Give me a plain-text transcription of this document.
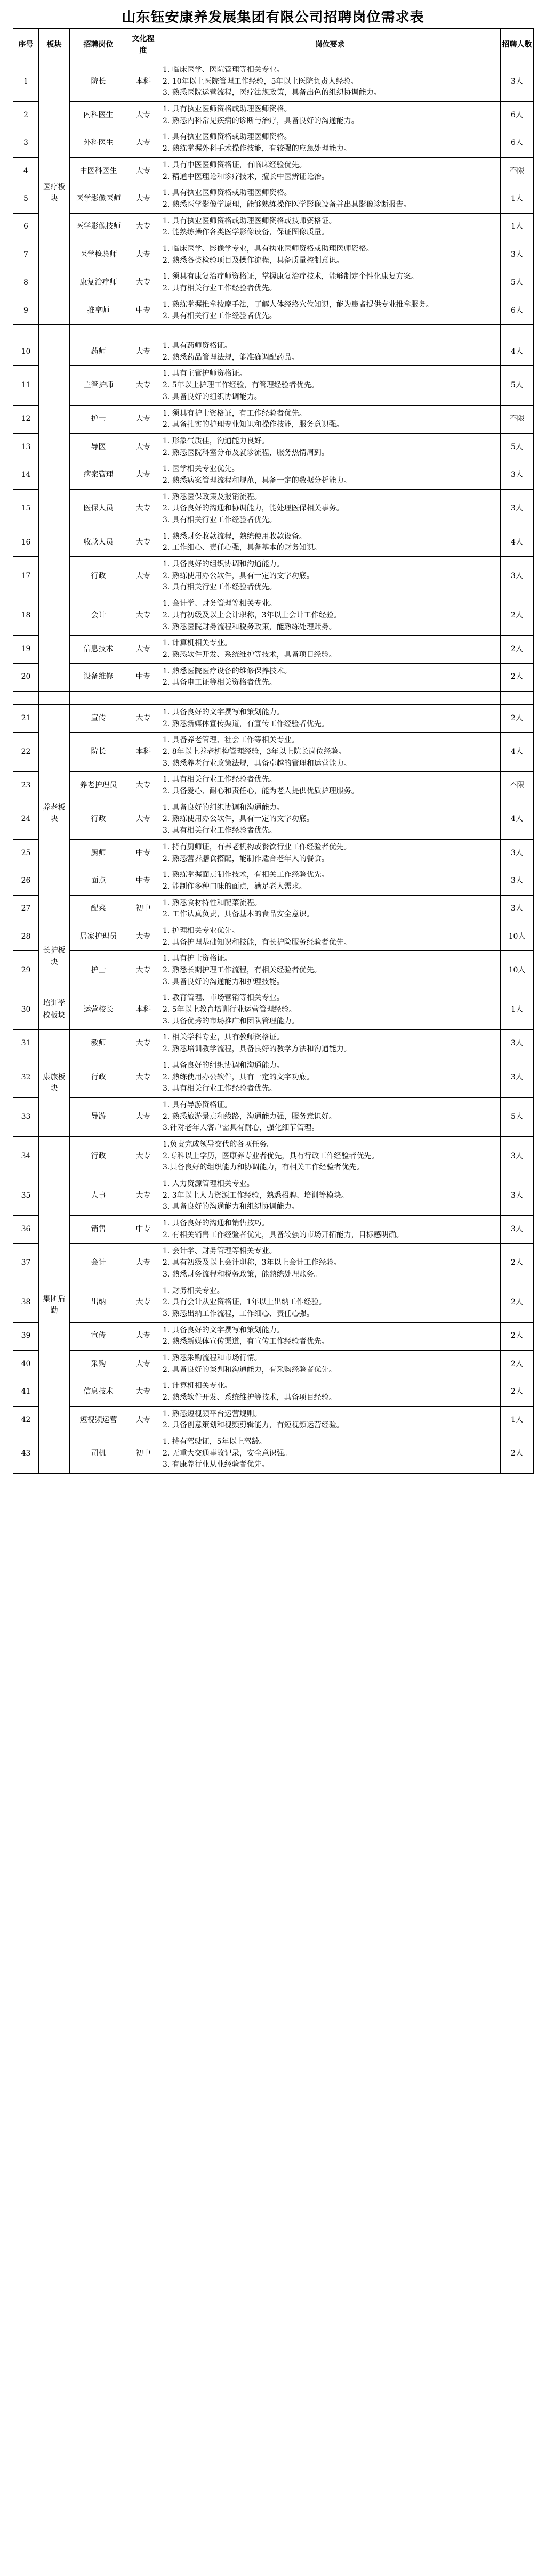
山东钰安康养发展集团有限公司招聘岗位需求表
序号	板块	招聘岗位	文化程度	岗位要求	招聘人数
1	医疗板块	院长	本科	1. 临床医学、医院管理等相关专业。
2. 10年以上医院管理工作经验，5年以上医院负责人经验。
3. 熟悉医院运营流程，医疗法规政策，具备出色的组织协调能力。	3人
2		内科医生	大专	1. 具有执业医师资格或助理医师资格。
2. 熟悉内科常见疾病的诊断与治疗，具备良好的沟通能力。	6人
3		外科医生	大专	1. 具有执业医师资格或助理医师资格。
2. 熟练掌握外科手术操作技能，有较强的应急处理能力。	6人
4		中医科医生	大专	1. 具有中医医师资格证，有临床经验优先。
2. 精通中医理论和诊疗技术，擅长中医辨证论治。	不限
5		医学影像医师	大专	1. 具有执业医师资格或助理医师资格。
2. 熟悉医学影像学原理，能够熟练操作医学影像设备并出具影像诊断报告。	1人
6		医学影像技师	大专	1. 具有执业医师资格或助理医师资格或技师资格证。
2. 能熟练操作各类医学影像设备，保证图像质量。	1人
7		医学检验师	大专	1. 临床医学、影像学专业，具有执业医师资格或助理医师资格。
2. 熟悉各类检验项目及操作流程，具备质量控制意识。	3人
8		康复治疗师	大专	1. 须具有康复治疗师资格证，掌握康复治疗技术，能够制定个性化康复方案。
2. 具有相关行业工作经验者优先。	5人
9		推拿师	中专	1. 熟练掌握推拿按摩手法，了解人体经络穴位知识，能为患者提供专业推拿服务。
2. 具有相关行业工作经验者优先。	6人

10		药师	大专	1. 具有药师资格证。
2. 熟悉药品管理法规，能准确调配药品。	4人
11		主管护师	大专	1. 具有主管护师资格证。
2. 5年以上护理工作经验，有管理经验者优先。
3. 具备良好的组织协调能力。	5人
12		护士	大专	1. 须具有护士资格证，有工作经验者优先。
2. 具备扎实的护理专业知识和操作技能，服务意识强。	不限
13		导医	大专	1. 形象气质佳，沟通能力良好。
2. 熟悉医院科室分布及就诊流程，服务热情周到。	5人
14		病案管理	大专	1. 医学相关专业优先。
2. 熟悉病案管理流程和规范，具备一定的数据分析能力。	3人
15		医保人员	大专	1. 熟悉医保政策及报销流程。
2. 具备良好的沟通和协调能力，能处理医保相关事务。
3. 具有相关行业工作经验者优先。	3人
16		收款人员	大专	1. 熟悉财务收款流程，熟练使用收款设备。
2. 工作细心、责任心强，具备基本的财务知识。	4人
17		行政	大专	1. 具备良好的组织协调和沟通能力。
2. 熟练使用办公软件，具有一定的文字功底。
3. 具有相关行业工作经验者优先。	3人
18		会计	大专	1. 会计学、财务管理等相关专业。
2. 具有初级及以上会计职称，3年以上会计工作经验。
3. 熟悉医院财务流程和税务政策，能熟练处理账务。	2人
19		信息技术	大专	1. 计算机相关专业。
2. 熟悉软件开发、系统维护等技术，具备项目经验。	2人
20		设备维修	中专	1. 熟悉医院医疗设备的维修保养技术。
2. 具备电工证等相关资格者优先。	2人

21	养老板块	宣传	大专	1. 具备良好的文字撰写和策划能力。
2. 熟悉新媒体宣传渠道，有宣传工作经验者优先。	2人
22		院长	本科	1. 具备养老管理、社会工作等相关专业。
2. 8年以上养老机构管理经验，3年以上院长岗位经验。
3. 熟悉养老行业政策法规，具备卓越的管理和运营能力。	4人
23		养老护理员	大专	1. 具有相关行业工作经验者优先。
2. 具备爱心、耐心和责任心，能为老人提供优质护理服务。	不限
24		行政	大专	1. 具备良好的组织协调和沟通能力。
2. 熟练使用办公软件，具有一定的文字功底。
3. 具有相关行业工作经验者优先。	4人
25		厨师	中专	1. 持有厨师证，有养老机构或餐饮行业工作经验者优先。
2. 熟悉营养膳食搭配，能制作适合老年人的餐食。	3人
26		面点	中专	1. 熟练掌握面点制作技术，有相关工作经验优先。
2. 能制作多种口味的面点，满足老人需求。	3人
27		配菜	初中	1. 熟悉食材特性和配菜流程。
2. 工作认真负责，具备基本的食品安全意识。	3人
28	长护板块	居家护理员	大专	1. 护理相关专业优先。
2. 具备护理基础知识和技能，有长护险服务经验者优先。	10人
29		护士	大专	1. 具有护士资格证。
2. 熟悉长期护理工作流程，有相关经验者优先。
3. 具备良好的沟通能力和护理技能。	10人
30	培训学校板块	运营校长	本科	1. 教育管理、市场营销等相关专业。
2. 5年以上教育培训行业运营管理经验。
3. 具备优秀的市场推广和团队管理能力。	1人
31	康旅板块	教师	大专	1. 相关学科专业，具有教师资格证。
2. 熟悉培训教学流程，具备良好的教学方法和沟通能力。	3人
32		行政	大专	1. 具备良好的组织协调和沟通能力。
2. 熟练使用办公软件，具有一定的文字功底。
3. 具有相关行业工作经验者优先。	3人
33		导游	大专	1. 具有导游资格证。
2. 熟悉旅游景点和线路，沟通能力强，服务意识好。
3.针对老年人客户需具有耐心，强化细节管理。	5人
34	集团后勤	行政	大专	1.负责完成领导交代的各项任务。
2.专科以上学历，医康养专业者优先，具有行政工作经验者优先。
3.具备良好的组织能力和协调能力，有相关工作经验者优先。	3人
35		人事	大专	1. 人力资源管理相关专业。
2. 3年以上人力资源工作经验，熟悉招聘、培训等模块。
3. 具备良好的沟通能力和组织协调能力。	3人
36		销售	中专	1. 具备良好的沟通和销售技巧。
2. 有相关销售工作经验者优先，具备较强的市场开拓能力，目标感明确。	3人
37		会计	大专	1. 会计学、财务管理等相关专业。
2. 具有初级及以上会计职称，3年以上会计工作经验。
3. 熟悉财务流程和税务政策，能熟练处理账务。	2人
38		出纳	大专	1. 财务相关专业。
2. 具有会计从业资格证，1年以上出纳工作经验。
3. 熟悉出纳工作流程，工作细心、责任心强。	2人
39		宣传	大专	1. 具备良好的文字撰写和策划能力。
2. 熟悉新媒体宣传渠道，有宣传工作经验者优先。	2人
40		采购	大专	1. 熟悉采购流程和市场行情。
2. 具备良好的谈判和沟通能力，有采购经验者优先。	2人
41		信息技术	大专	1. 计算机相关专业。
2. 熟悉软件开发、系统维护等技术，具备项目经验。	2人
42		短视频运营	大专	1. 熟悉短视频平台运营规则。
2. 具备创意策划和视频剪辑能力，有短视频运营经验。	1人
43		司机	初中	1. 持有驾驶证，5年以上驾龄。
2. 无重大交通事故记录，安全意识强。
3. 有康养行业从业经验者优先。	2人
